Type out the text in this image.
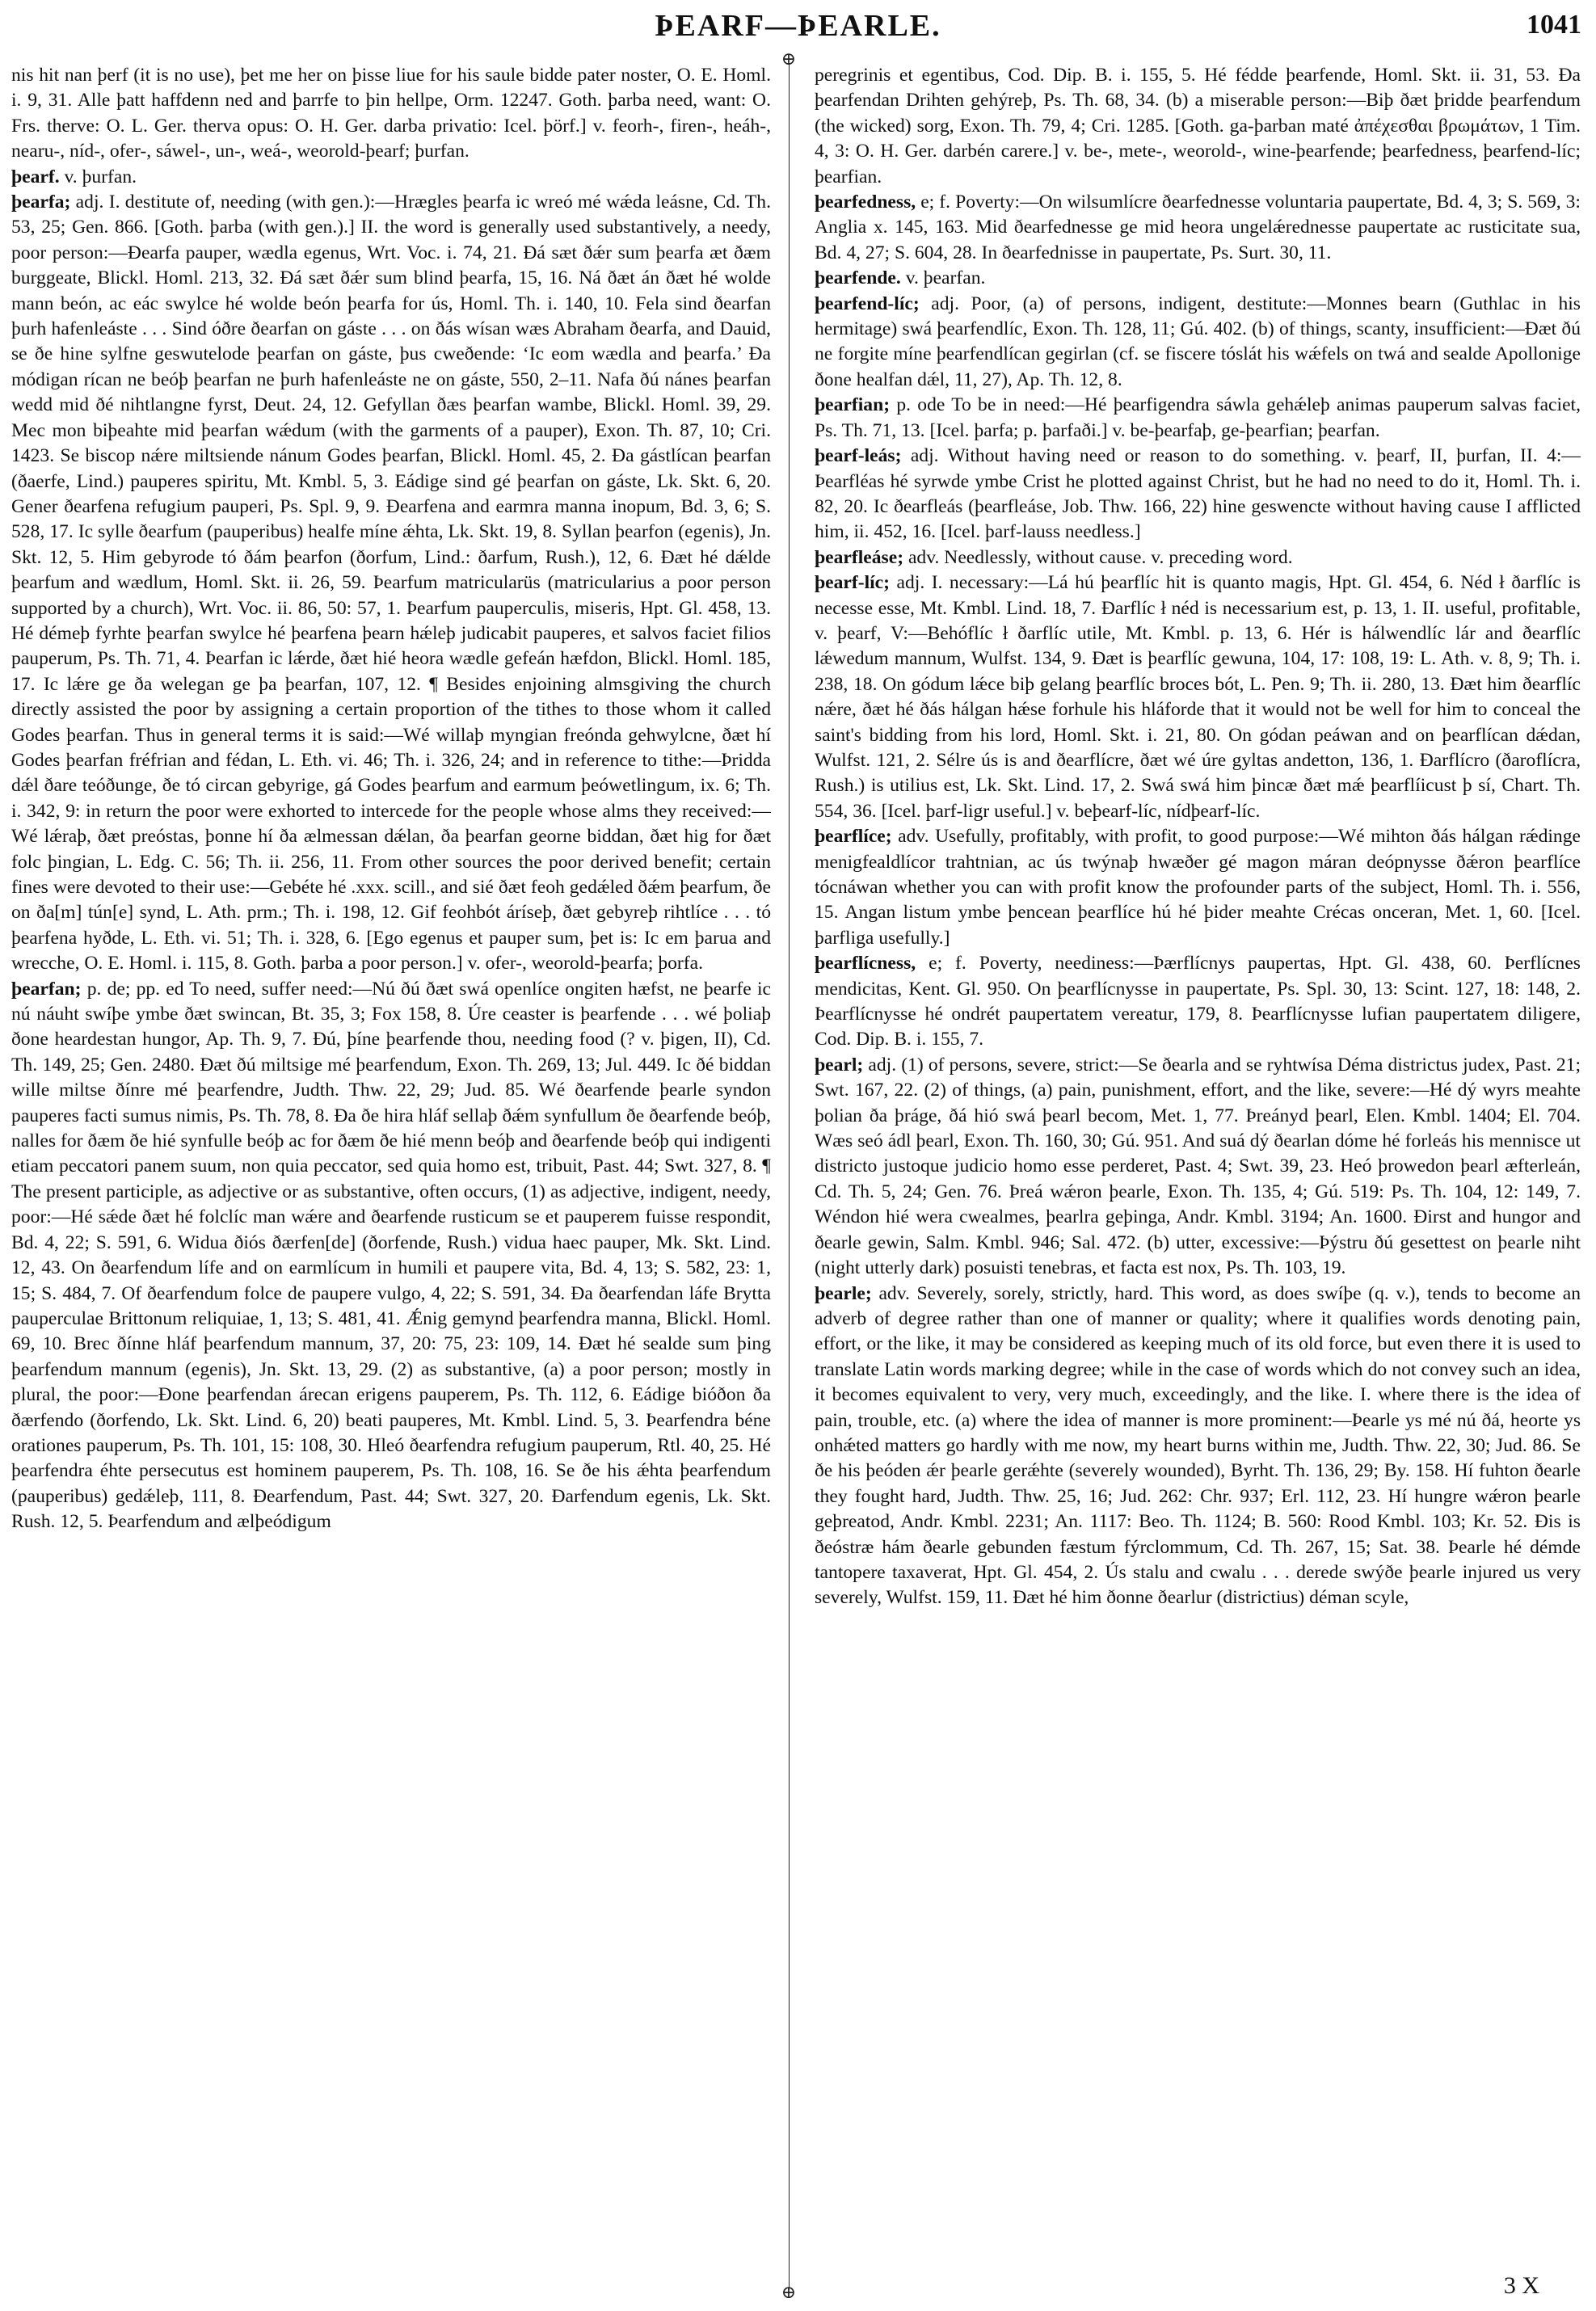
ÞEARF—ÞEARLE.	1041
⊕
⊕

nis hit nan þerf (it is no use), þet me her on þisse liue for his saule bidde pater noster, O. E. Homl. i. 9, 31. Alle þatt haffdenn ned and þarrfe to þin hellpe, Orm. 12247. Goth. þarba need, want: O. Frs. therve: O. L. Ger. therva opus: O. H. Ger. darba privatio: Icel. þörf.] v. feorh-, firen-, heáh-, nearu-, níd-, ofer-, sáwel-, un-, weá-, weorold-þearf; þurfan.

þearf. v. þurfan.

þearfa; adj. I. destitute of, needing (with gen.):—Hrægles þearfa ic wreó mé wǽda leásne, Cd. Th. 53, 25; Gen. 866. [Goth. þarba (with gen.).] II. the word is generally used substantively, a needy, poor person:—Ðearfa pauper, wædla egenus, Wrt. Voc. i. 74, 21. Ðá sæt ðǽr sum þearfa æt ðæm burggeate, Blickl. Homl. 213, 32. Ðá sæt ðǽr sum blind þearfa, 15, 16. Ná ðæt án ðæt hé wolde mann beón, ac eác swylce hé wolde beón þearfa for ús, Homl. Th. i. 140, 10. Fela sind ðearfan þurh hafenleáste . . . Sind óðre ðearfan on gáste . . . on ðás wísan wæs Abraham ðearfa, and Dauid, se ðe hine sylfne geswutelode þearfan on gáste, þus cweðende: ‘Ic eom wædla and þearfa.’ Ða módigan rícan ne beóþ þearfan ne þurh hafenleáste ne on gáste, 550, 2–11. Nafa ðú nánes þearfan wedd mid ðé nihtlangne fyrst, Deut. 24, 12. Gefyllan ðæs þearfan wambe, Blickl. Homl. 39, 29. Mec mon biþeahte mid þearfan wǽdum (with the garments of a pauper), Exon. Th. 87, 10; Cri. 1423. Se biscop nǽre miltsiende nánum Godes þearfan, Blickl. Homl. 45, 2. Ða gástlícan þearfan (ðaerfe, Lind.) pauperes spiritu, Mt. Kmbl. 5, 3. Eádige sind gé þearfan on gáste, Lk. Skt. 6, 20. Gener ðearfena refugium pauperi, Ps. Spl. 9, 9. Ðearfena and earmra manna inopum, Bd. 3, 6; S. 528, 17. Ic sylle ðearfum (pauperibus) healfe míne ǽhta, Lk. Skt. 19, 8. Syllan þearfon (egenis), Jn. Skt. 12, 5. Him gebyrode tó ðám þearfon (ðorfum, Lind.: ðarfum, Rush.), 12, 6. Ðæt hé dǽlde þearfum and wædlum, Homl. Skt. ii. 26, 59. Þearfum matricularüs (matricularius a poor person supported by a church), Wrt. Voc. ii. 86, 50: 57, 1. Þearfum pauperculis, miseris, Hpt. Gl. 458, 13. Hé démeþ fyrhte þearfan swylce hé þearfena þearn hǽleþ judicabit pauperes, et salvos faciet filios pauperum, Ps. Th. 71, 4. Þearfan ic lǽrde, ðæt hié heora wædle gefeán hæfdon, Blickl. Homl. 185, 17. Ic lǽre ge ða welegan ge þa þearfan, 107, 12. ¶ Besides enjoining almsgiving the church directly assisted the poor by assigning a certain proportion of the tithes to those whom it called Godes þearfan. Thus in general terms it is said:—Wé willaþ myngian freónda gehwylcne, ðæt hí Godes þearfan fréfrian and fédan, L. Eth. vi. 46; Th. i. 326, 24; and in reference to tithe:—Þridda dǽl ðare teóðunge, ðe tó circan gebyrige, gá Godes þearfum and earmum þeówetlingum, ix. 6; Th. i. 342, 9: in return the poor were exhorted to intercede for the people whose alms they received:—Wé lǽraþ, ðæt preóstas, þonne hí ða ælmessan dǽlan, ða þearfan georne biddan, ðæt hig for ðæt folc þingian, L. Edg. C. 56; Th. ii. 256, 11. From other sources the poor derived benefit; certain fines were devoted to their use:—Gebéte hé .xxx. scill., and sié ðæt feoh gedǽled ðǽm þearfum, ðe on ða[m] tún[e] synd, L. Ath. prm.; Th. i. 198, 12. Gif feohbót áríseþ, ðæt gebyreþ rihtlíce . . . tó þearfena hyðde, L. Eth. vi. 51; Th. i. 328, 6. [Ego egenus et pauper sum, þet is: Ic em þarua and wrecche, O. E. Homl. i. 115, 8. Goth. þarba a poor person.] v. ofer-, weorold-þearfa; þorfa.

þearfan; p. de; pp. ed To need, suffer need:—Nú ðú ðæt swá openlíce ongiten hæfst, ne þearfe ic nú náuht swíþe ymbe ðæt swincan, Bt. 35, 3; Fox 158, 8. Úre ceaster is þearfende . . . wé þoliaþ ðone heardestan hungor, Ap. Th. 9, 7. Ðú, þíne þearfende thou, needing food (? v. þigen, II), Cd. Th. 149, 25; Gen. 2480. Ðæt ðú miltsige mé þearfendum, Exon. Th. 269, 13; Jul. 449. Ic ðé biddan wille miltse ðínre mé þearfendre, Judth. Thw. 22, 29; Jud. 85. Wé ðearfende þearle syndon pauperes facti sumus nimis, Ps. Th. 78, 8. Ða ðe hira hláf sellaþ ðǽm synfullum ðe ðearfende beóþ, nalles for ðæm ðe hié synfulle beóþ ac for ðæm ðe hié menn beóþ and ðearfende beóþ qui indigenti etiam peccatori panem suum, non quia peccator, sed quia homo est, tribuit, Past. 44; Swt. 327, 8. ¶ The present participle, as adjective or as substantive, often occurs, (1) as adjective, indigent, needy, poor:—Hé sǽde ðæt hé folclíc man wǽre and ðearfende rusticum se et pauperem fuisse respondit, Bd. 4, 22; S. 591, 6. Widua ðiós ðærfen[de] (ðorfende, Rush.) vidua haec pauper, Mk. Skt. Lind. 12, 43. On ðearfendum lífe and on earmlícum in humili et paupere vita, Bd. 4, 13; S. 582, 23: 1, 15; S. 484, 7. Of ðearfendum folce de paupere vulgo, 4, 22; S. 591, 34. Ða ðearfendan láfe Brytta pauperculae Brittonum reliquiae, 1, 13; S. 481, 41. Ǽnig gemynd þearfendra manna, Blickl. Homl. 69, 10. Brec ðínne hláf þearfendum mannum, 37, 20: 75, 23: 109, 14. Ðæt hé sealde sum þing þearfendum mannum (egenis), Jn. Skt. 13, 29. (2) as substantive, (a) a poor person; mostly in plural, the poor:—Ðone þearfendan árecan erigens pauperem, Ps. Th. 112, 6. Eádige bióðon ða ðærfendo (ðorfendo, Lk. Skt. Lind. 6, 20) beati pauperes, Mt. Kmbl. Lind. 5, 3. Þearfendra béne orationes pauperum, Ps. Th. 101, 15: 108, 30. Hleó ðearfendra refugium pauperum, Rtl. 40, 25. Hé þearfendra éhte persecutus est hominem pauperem, Ps. Th. 108, 16. Se ðe his ǽhta þearfendum (pauperibus) gedǽleþ, 111, 8. Ðearfendum, Past. 44; Swt. 327, 20. Ðarfendum egenis, Lk. Skt. Rush. 12, 5. Þearfendum and ælþeódigum

peregrinis et egentibus, Cod. Dip. B. i. 155, 5. Hé fédde þearfende, Homl. Skt. ii. 31, 53. Ða þearfendan Drihten gehýreþ, Ps. Th. 68, 34. (b) a miserable person:—Biþ ðæt þridde þearfendum (the wicked) sorg, Exon. Th. 79, 4; Cri. 1285. [Goth. ga-þarban maté ἀπέχεσθαι βρωμάτων, 1 Tim. 4, 3: O. H. Ger. darbén carere.] v. be-, mete-, weorold-, wine-þearfende; þearfedness, þearfend-líc; þearfian.

þearfedness, e; f. Poverty:—On wilsumlícre ðearfednesse voluntaria paupertate, Bd. 4, 3; S. 569, 3: Anglia x. 145, 163. Mid ðearfednesse ge mid heora ungelǽrednesse paupertate ac rusticitate sua, Bd. 4, 27; S. 604, 28. In ðearfednisse in paupertate, Ps. Surt. 30, 11.

þearfende. v. þearfan.

þearfend-líc; adj. Poor, (a) of persons, indigent, destitute:—Monnes bearn (Guthlac in his hermitage) swá þearfendlíc, Exon. Th. 128, 11; Gú. 402. (b) of things, scanty, insufficient:—Ðæt ðú ne forgite míne þearfendlícan gegirlan (cf. se fiscere tóslát his wǽfels on twá and sealde Apollonige ðone healfan dǽl, 11, 27), Ap. Th. 12, 8.

þearfian; p. ode To be in need:—Hé þearfigendra sáwla gehǽleþ animas pauperum salvas faciet, Ps. Th. 71, 13. [Icel. þarfa; p. þarfaði.] v. be-þearfaþ, ge-þearfian; þearfan.

þearf-leás; adj. Without having need or reason to do something. v. þearf, II, þurfan, II. 4:—Þearfléas hé syrwde ymbe Crist he plotted against Christ, but he had no need to do it, Homl. Th. i. 82, 20. Ic ðearfleás (þearfleáse, Job. Thw. 166, 22) hine geswencte without having cause I afflicted him, ii. 452, 16. [Icel. þarf-lauss needless.]

þearfleáse; adv. Needlessly, without cause. v. preceding word.

þearf-líc; adj. I. necessary:—Lá hú þearflíc hit is quanto magis, Hpt. Gl. 454, 6. Néd ł ðarflíc is necesse esse, Mt. Kmbl. Lind. 18, 7. Ðarflíc ł néd is necessarium est, p. 13, 1. II. useful, profitable, v. þearf, V:—Behóflíc ł ðarflíc utile, Mt. Kmbl. p. 13, 6. Hér is hálwendlíc lár and ðearflíc lǽwedum mannum, Wulfst. 134, 9. Ðæt is þearflíc gewuna, 104, 17: 108, 19: L. Ath. v. 8, 9; Th. i. 238, 18. On gódum lǽce biþ gelang þearflíc broces bót, L. Pen. 9; Th. ii. 280, 13. Ðæt him ðearflíc nǽre, ðæt hé ðás hálgan hǽse forhule his hláforde that it would not be well for him to conceal the saint's bidding from his lord, Homl. Skt. i. 21, 80. On gódan peáwan and on þearflícan dǽdan, Wulfst. 121, 2. Sélre ús is and ðearflícre, ðæt wé úre gyltas andetton, 136, 1. Ðarflícro (ðaroflícra, Rush.) is utilius est, Lk. Skt. Lind. 17, 2. Swá swá him þincæ ðæt mǽ þearflíicust þ sí, Chart. Th. 554, 36. [Icel. þarf-ligr useful.] v. beþearf-líc, nídþearf-líc.

þearflíce; adv. Usefully, profitably, with profit, to good purpose:—Wé mihton ðás hálgan rǽdinge menigfealdlícor trahtnian, ac ús twýnaþ hwæðer gé magon máran deópnysse ðǽron þearflíce tócnáwan whether you can with profit know the profounder parts of the subject, Homl. Th. i. 556, 15. Angan listum ymbe þencean þearflíce hú hé þider meahte Crécas onceran, Met. 1, 60. [Icel. þarfliga usefully.]

þearflícness, e; f. Poverty, neediness:—Þærflícnys paupertas, Hpt. Gl. 438, 60. Þerflícnes mendicitas, Kent. Gl. 950. On þearflícnysse in paupertate, Ps. Spl. 30, 13: Scint. 127, 18: 148, 2. Þearflícnysse hé ondrét paupertatem vereatur, 179, 8. Þearflícnysse lufian paupertatem diligere, Cod. Dip. B. i. 155, 7.

þearl; adj. (1) of persons, severe, strict:—Se ðearla and se ryhtwísa Déma districtus judex, Past. 21; Swt. 167, 22. (2) of things, (a) pain, punishment, effort, and the like, severe:—Hé dý wyrs meahte þolian ða þráge, ðá hió swá þearl becom, Met. 1, 77. Þreányd þearl, Elen. Kmbl. 1404; El. 704. Wæs seó ádl þearl, Exon. Th. 160, 30; Gú. 951. And suá dý ðearlan dóme hé forleás his mennisce ut districto justoque judicio homo esse perderet, Past. 4; Swt. 39, 23. Heó þrowedon þearl æfterleán, Cd. Th. 5, 24; Gen. 76. Þreá wǽron þearle, Exon. Th. 135, 4; Gú. 519: Ps. Th. 104, 12: 149, 7. Wéndon hié wera cwealmes, þearlra geþinga, Andr. Kmbl. 3194; An. 1600. Ðirst and hungor and ðearle gewin, Salm. Kmbl. 946; Sal. 472. (b) utter, excessive:—Þýstru ðú gesettest on þearle niht (night utterly dark) posuisti tenebras, et facta est nox, Ps. Th. 103, 19.

þearle; adv. Severely, sorely, strictly, hard. This word, as does swíþe (q. v.), tends to become an adverb of degree rather than one of manner or quality; where it qualifies words denoting pain, effort, or the like, it may be considered as keeping much of its old force, but even there it is used to translate Latin words marking degree; while in the case of words which do not convey such an idea, it becomes equivalent to very, very much, exceedingly, and the like. I. where there is the idea of pain, trouble, etc. (a) where the idea of manner is more prominent:—Þearle ys mé nú ðá, heorte ys onhǽted matters go hardly with me now, my heart burns within me, Judth. Thw. 22, 30; Jud. 86. Se ðe his þeóden ǽr þearle gerǽhte (severely wounded), Byrht. Th. 136, 29; By. 158. Hí fuhton ðearle they fought hard, Judth. Thw. 25, 16; Jud. 262: Chr. 937; Erl. 112, 23. Hí hungre wǽron þearle geþreatod, Andr. Kmbl. 2231; An. 1117: Beo. Th. 1124; B. 560: Rood Kmbl. 103; Kr. 52. Ðis is ðeóstræ hám ðearle gebunden fæstum fýrclommum, Cd. Th. 267, 15; Sat. 38. Þearle hé démde tantopere taxaverat, Hpt. Gl. 454, 2. Ús stalu and cwalu . . . derede swýðe þearle injured us very severely, Wulfst. 159, 11. Ðæt hé him ðonne ðearlur (districtius) déman scyle,

3 X
